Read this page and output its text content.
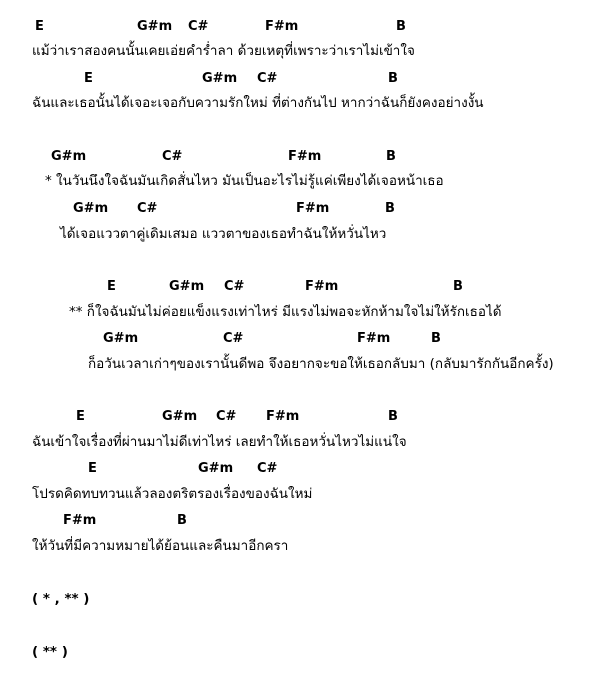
E	G#m C#	F#m	B
แม้ว่าเราสองคนนั้นเคยเอ่ยคำร่ำลา ด้วยเหตุที่เพราะว่าเราไม่เข้าใจ
E	G#m C#	B
ฉันและเธอนั้นได้เจอะเจอกับความรักใหม่ ที่ต่างกันไป หากว่าฉันก็ยังคงอย่างงั้น
G#m	C#	F#m	B
* ในวันนึงใจฉันมันเกิดสั่นไหว มันเป็นอะไรไม่รู้แค่เพียงได้เจอหน้าเธอ
G#m C#	F#m	B
ได้เจอแววตาคู่เดิมเสมอ แววตาของเธอทำฉันให้หวั่นไหว
E	G#m C#	F#m	B
** ก็ใจฉันมันไม่ค่อยแข็งแรงเท่าไหร่ มีแรงไม่พอจะหักห้ามใจไม่ให้รักเธอได้
G#m	C#	F#m	B
ก็อวันเวลาเก่าๆของเรานั้นดีพอ จึงอยากจะขอให้เธอกลับมา (กลับมารักกันอีกครั้ง)
E	G#m C# F#m	B
ฉันเข้าใจเรื่องที่ผ่านมาไม่ดีเท่าไหร่ เลยทำให้เธอหวั่นไหวไม่แน่ใจ
E	G#m C#
โปรดคิดทบทวนแล้วลองตริตรองเรื่องของฉันใหม่
F#m	B
ให้วันที่มีความหมายได้ย้อนและคืนมาอีกครา
( * , ** )
( ** )
